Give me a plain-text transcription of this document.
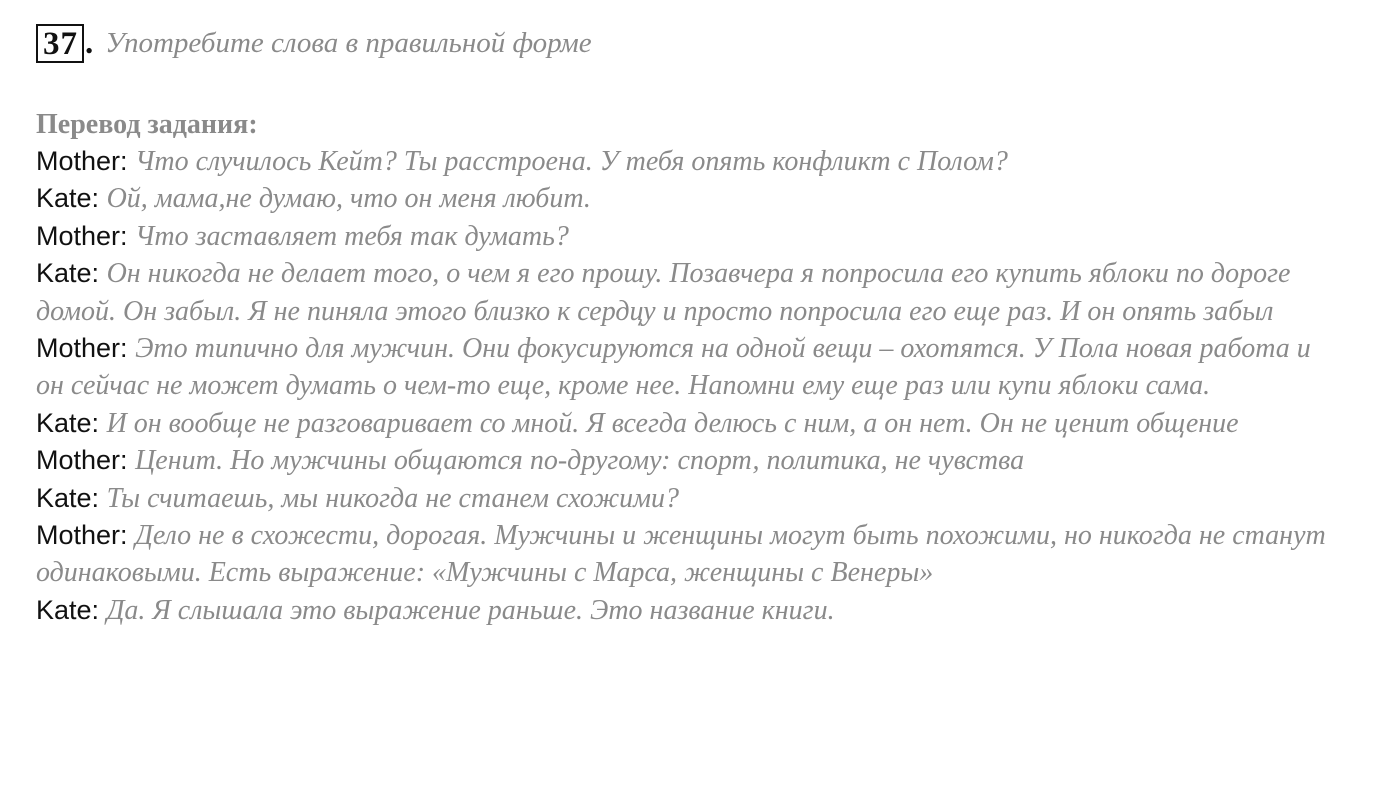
37 . Употребите слова в правильной форме
Перевод задания:
Mother: Что случилось Кейт? Ты расстроена. У тебя опять конфликт с Полом?
Kate: Ой, мама,не думаю, что он меня любит.
Mother: Что заставляет тебя так думать?
Kate: Он никогда не делает того, о чем я его прошу. Позавчера я попросила его купить яблоки по дороге домой. Он забыл. Я не пиняла этого близко к сердцу и просто попросила его еще раз. И он опять забыл
Mother: Это типично для мужчин. Они фокусируются на одной вещи – охотятся. У Пола новая работа и он сейчас не может думать о чем-то еще, кроме нее. Напомни ему еще раз или купи яблоки сама.
Kate: И он вообще не разговаривает со мной. Я всегда делюсь с ним, а он нет. Он не ценит общение
Mother: Ценит. Но мужчины общаются по-другому: спорт, политика, не чувства
Kate: Ты считаешь, мы никогда не станем схожими?
Mother: Дело не в схожести, дорогая. Мужчины и женщины могут быть похожими, но никогда не станут одинаковыми. Есть выражение: «Мужчины с Марса, женщины с Венеры»
Kate: Да. Я слышала это выражение раньше. Это название книги.
